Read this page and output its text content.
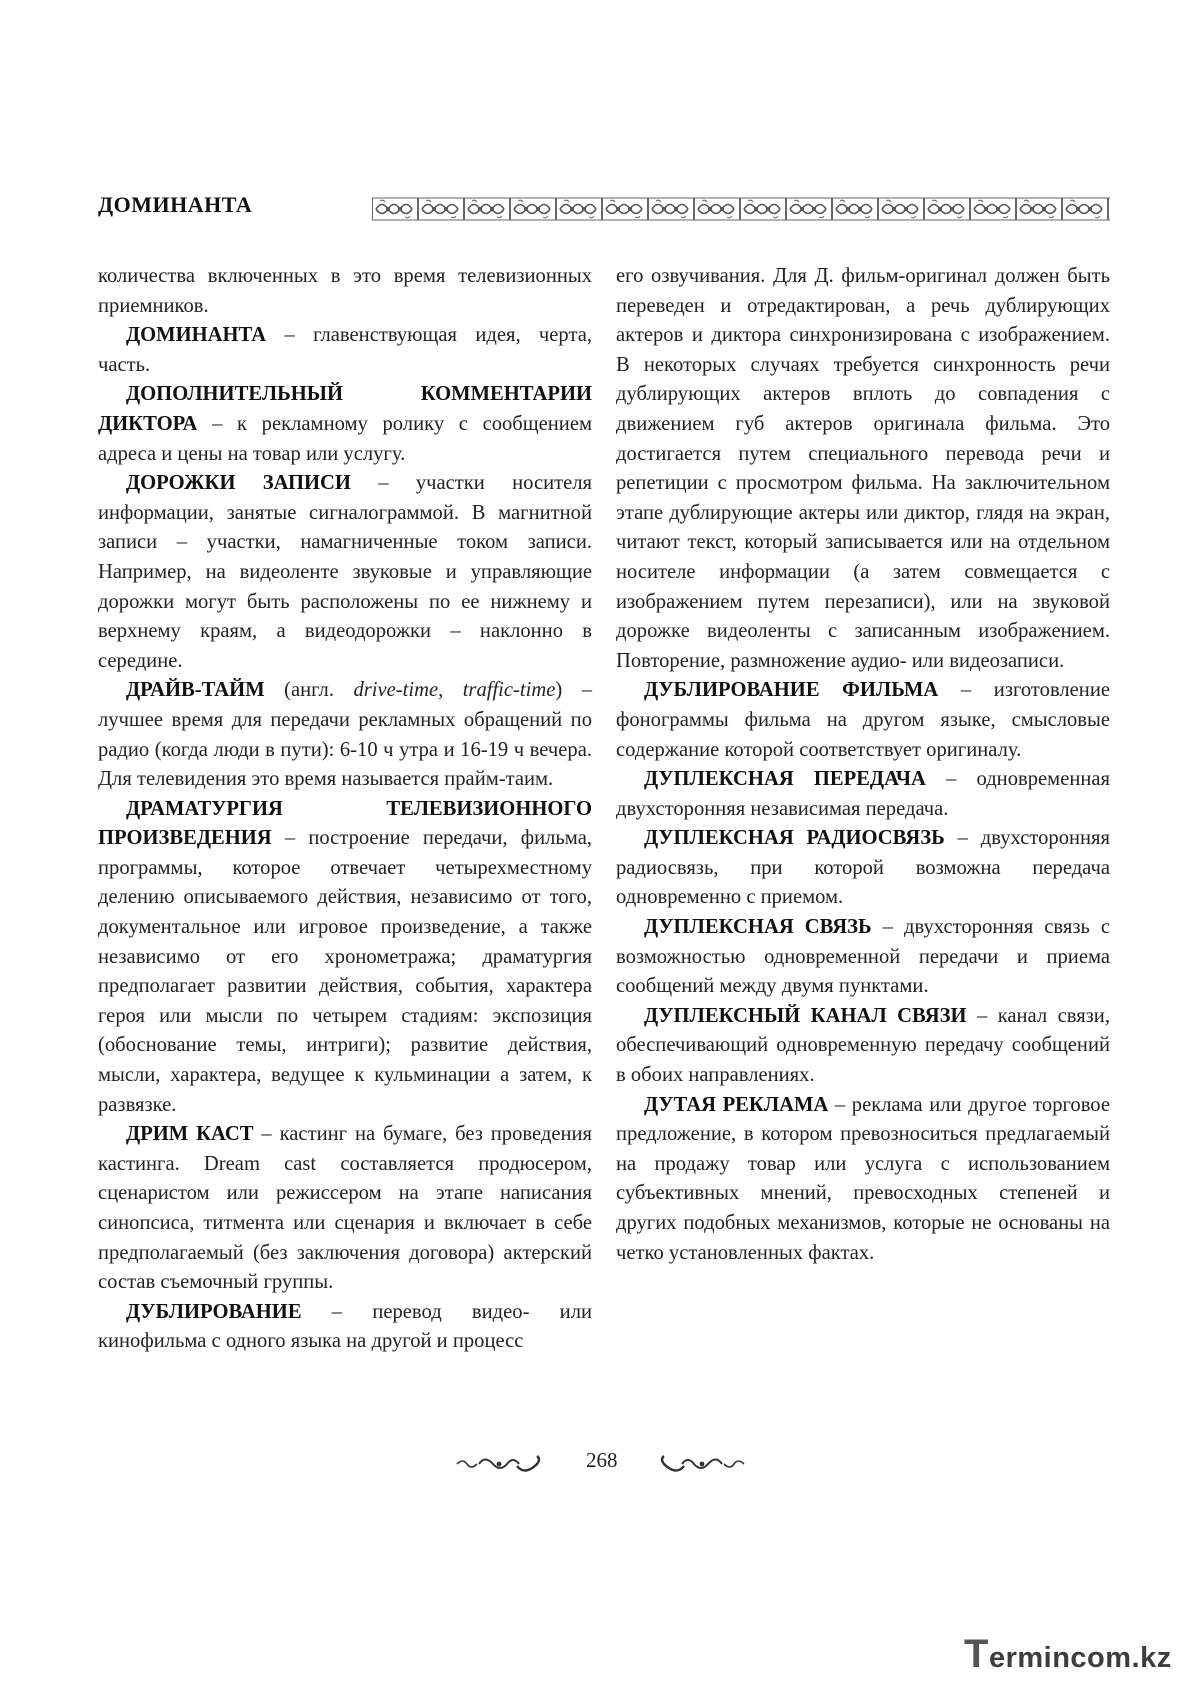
ДОМИНАНТА

количества включенных в это время телевизионных приемников.

ДОМИНАНТА – главенствующая идея, черта, часть.

ДОПОЛНИТЕЛЬНЫЙ КОММЕНТАРИИ ДИКТОРА – к рекламному ролику с сообщением адреса и цены на товар или услугу.

ДОРОЖКИ ЗАПИСИ – участки носителя информации, занятые сигналограммой. В магнитной записи – участки, намагниченные током записи. Например, на видеоленте звуковые и управляющие дорожки могут быть расположены по ее нижнему и верхнему краям, а видеодорожки – наклонно в середине.

ДРАЙВ-ТАЙМ (англ. drive-time, traffic-time) – лучшее время для передачи рекламных обращений по радио (когда люди в пути): 6-10 ч утра и 16-19 ч вечера. Для телевидения это время называется прайм-таим.

ДРАМАТУРГИЯ ТЕЛЕВИЗИОННОГО ПРОИЗВЕДЕНИЯ – построение передачи, фильма, программы, которое отвечает четырехместному делению описываемого действия, независимо от того, документальное или игровое произведение, а также независимо от его хронометража; драматургия предполагает развитии действия, события, характера героя или мысли по четырем стадиям: экспозиция (обоснование темы, интриги); развитие действия, мысли, характера, ведущее к кульминации а затем, к развязке.

ДРИМ КАСТ – кастинг на бумаге, без проведения кастинга. Dream cast составляется продюсером, сценаристом или режиссером на этапе написания синопсиса, титмента или сценария и включает в себе предполагаемый (без заключения договора) актерский состав съемочный группы.

ДУБЛИРОВАНИЕ – перевод видео- или кинофильма с одного языка на другой и процесс

его озвучивания. Для Д. фильм-оригинал должен быть переведен и отредактирован, а речь дублирующих актеров и диктора синхронизирована с изображением. В некоторых случаях требуется синхронность речи дублирующих актеров вплоть до совпадения с движением губ актеров оригинала фильма. Это достигается путем специального перевода речи и репетиции с просмотром фильма. На заключительном этапе дублирующие актеры или диктор, глядя на экран, читают текст, который записывается или на отдельном носителе информации (а затем совмещается с изображением путем перезаписи), или на звуковой дорожке видеоленты с записанным изображением. Повторение, размножение аудио- или видеозаписи.

ДУБЛИРОВАНИЕ ФИЛЬМА – изготовление фонограммы фильма на другом языке, смысловые содержание которой соответствует оригиналу.

ДУПЛЕКСНАЯ ПЕРЕДАЧА – одновременная двухсторонняя независимая передача.

ДУПЛЕКСНАЯ РАДИОСВЯЗЬ – двухсторонняя радиосвязь, при которой возможна передача одновременно с приемом.

ДУПЛЕКСНАЯ СВЯЗЬ – двухсторонняя связь с возможностью одновременной передачи и приема сообщений между двумя пунктами.

ДУПЛЕКСНЫЙ КАНАЛ СВЯЗИ – канал связи, обеспечивающий одновременную передачу сообщений в обоих направлениях.

ДУТАЯ РЕКЛАМА – реклама или другое торговое предложение, в котором превозноситься предлагаемый на продажу товар или услуга с использованием субъективных мнений, превосходных степеней и других подобных механизмов, которые не основаны на четко установленных фактах.

268
Termincom.kz
